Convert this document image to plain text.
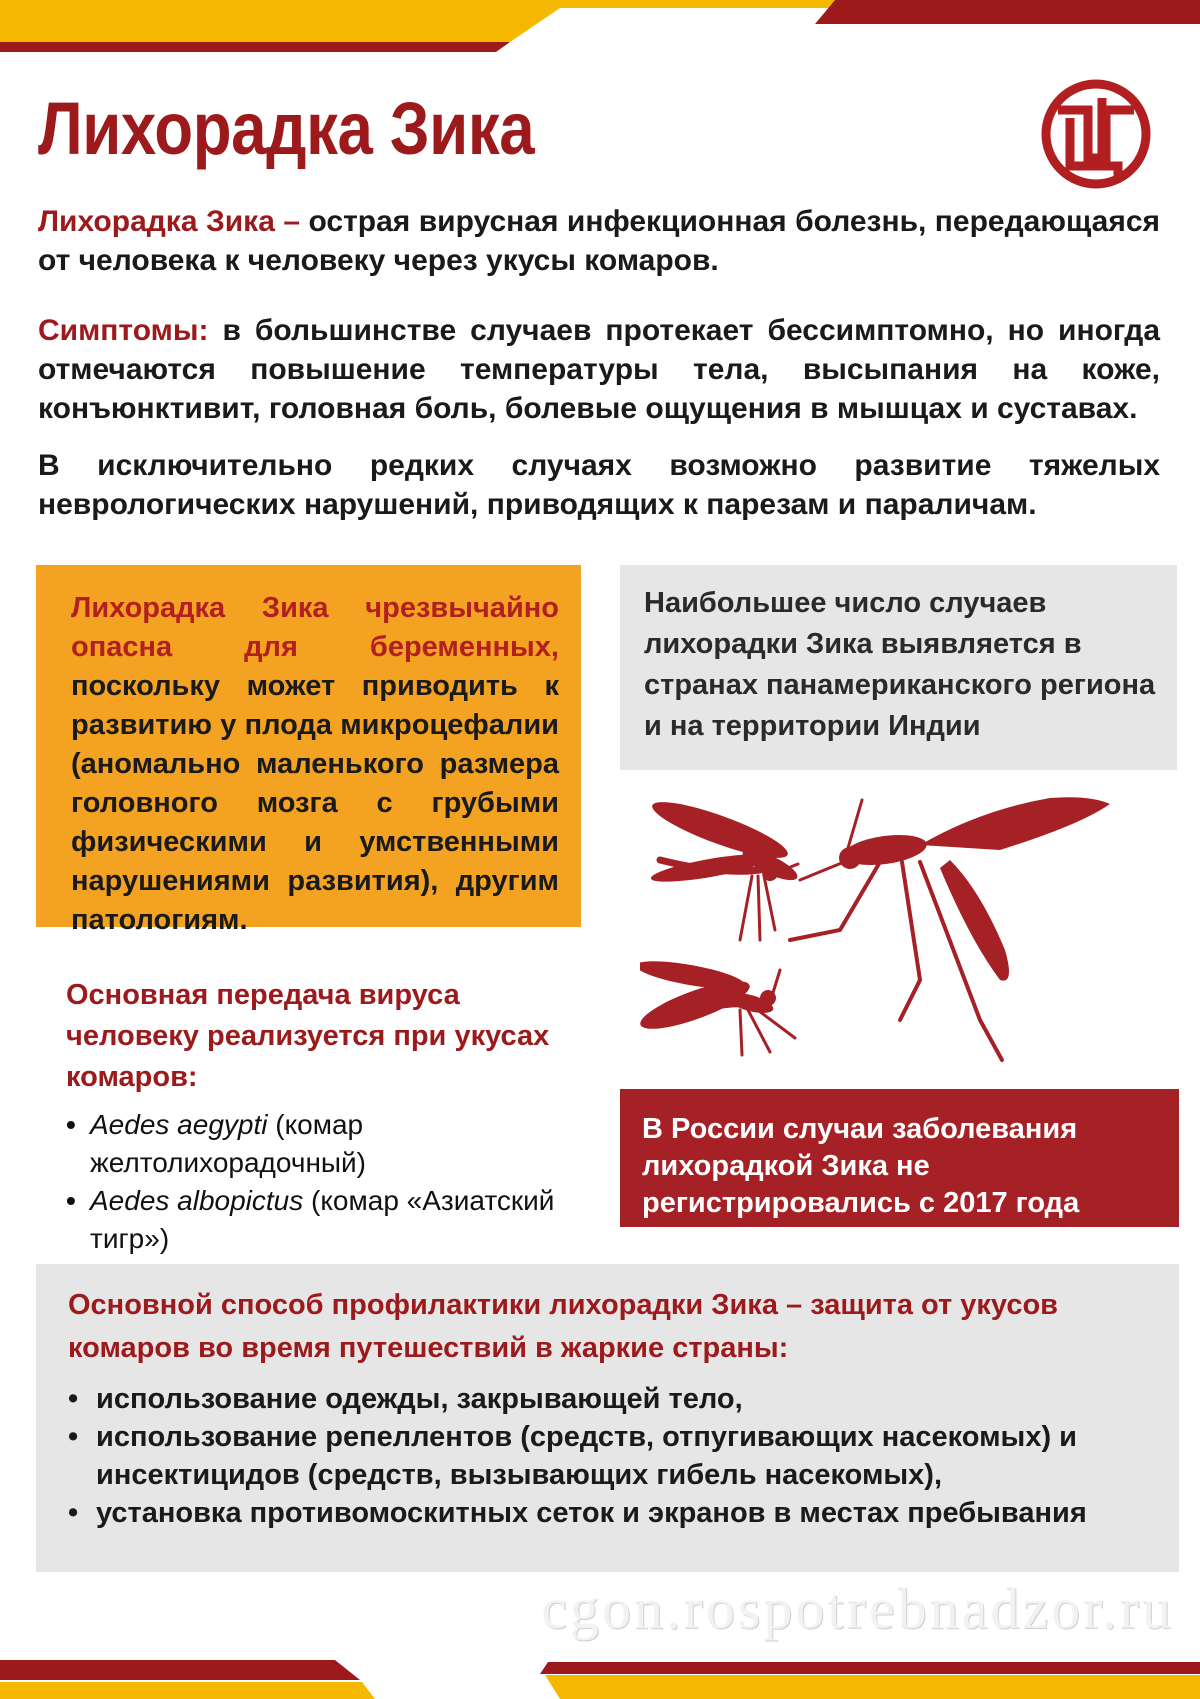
Лихорадка Зика

Лихорадка Зика – острая вирусная инфекционная болезнь, передающаяся от человека к человеку через укусы комаров.

Симптомы: в большинстве случаев протекает бессимптомно, но иногда отмечаются повышение температуры тела, высыпания на коже, конъюнктивит, головная боль, болевые ощущения в мышцах и суставах.

В исключительно редких случаях возможно развитие тяжелых неврологических нарушений, приводящих к парезам и параличам.

Лихорадка Зика чрезвычайно опасна для беременных, поскольку может приводить к развитию у плода микроцефалии (аномально маленького размера головного мозга с грубыми физическими и умственными нарушениями развития), другим патологиям.
Наибольшее число случаев лихорадки Зика выявляется в странах панамериканского региона и на территории Индии
Основная передача вируса человеку реализуется при укусах комаров:
• Aedes aegypti (комар желтолихорадочный)
• Aedes albopictus (комар «Азиатский тигр»)
В России случаи заболевания лихорадкой Зика не регистрировались с 2017 года
Основной способ профилактики лихорадки Зика – защита от укусов комаров во время путешествий в жаркие страны:
• использование одежды, закрывающей тело,
• использование репеллентов (средств, отпугивающих насекомых) и инсектицидов (средств, вызывающих гибель насекомых),
• установка противомоскитных сеток и экранов в местах пребывания

cgon.rospotrebnadzor.ru
